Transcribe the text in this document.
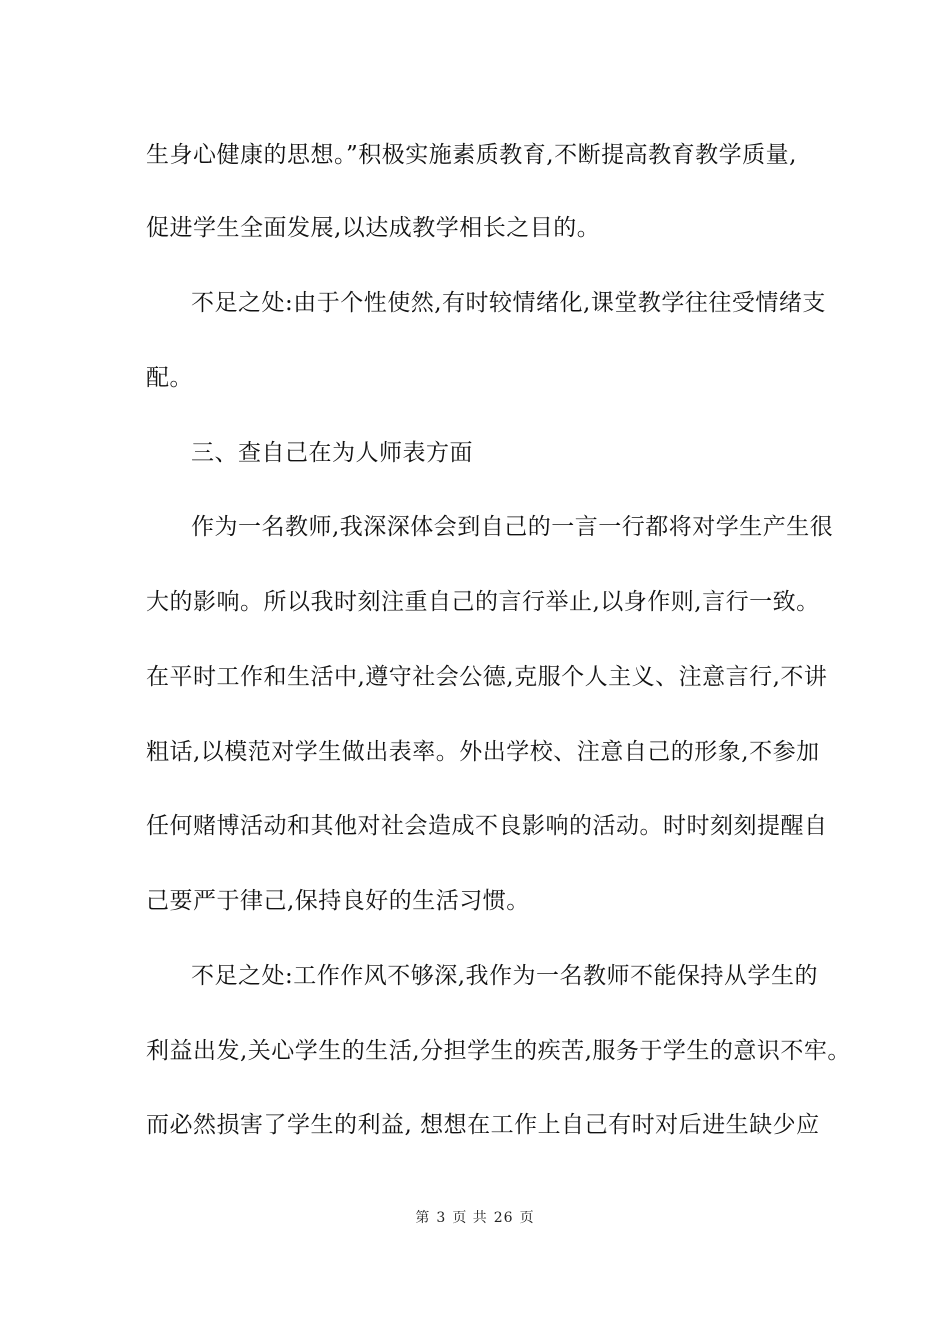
生身心健康的思想。”积极实施素质教育,不断提高教育教学质量,
促进学生全面发展,以达成教学相长之目的。
不足之处:由于个性使然,有时较情绪化,课堂教学往往受情绪支
配。
三、查自己在为人师表方面
作为一名教师,我深深体会到自己的一言一行都将对学生产生很
大的影响。所以我时刻注重自己的言行举止,以身作则,言行一致。
在平时工作和生活中,遵守社会公德,克服个人主义、注意言行,不讲
粗话,以模范对学生做出表率。外出学校、注意自己的形象,不参加
任何赌博活动和其他对社会造成不良影响的活动。时时刻刻提醒自
己要严于律己,保持良好的生活习惯。
不足之处:工作作风不够深,我作为一名教师不能保持从学生的
利益出发,关心学生的生活,分担学生的疾苦,服务于学生的意识不牢。
而必然损害了学生的利益, 想想在工作上自己有时对后进生缺少应
第 3 页 共 26 页
